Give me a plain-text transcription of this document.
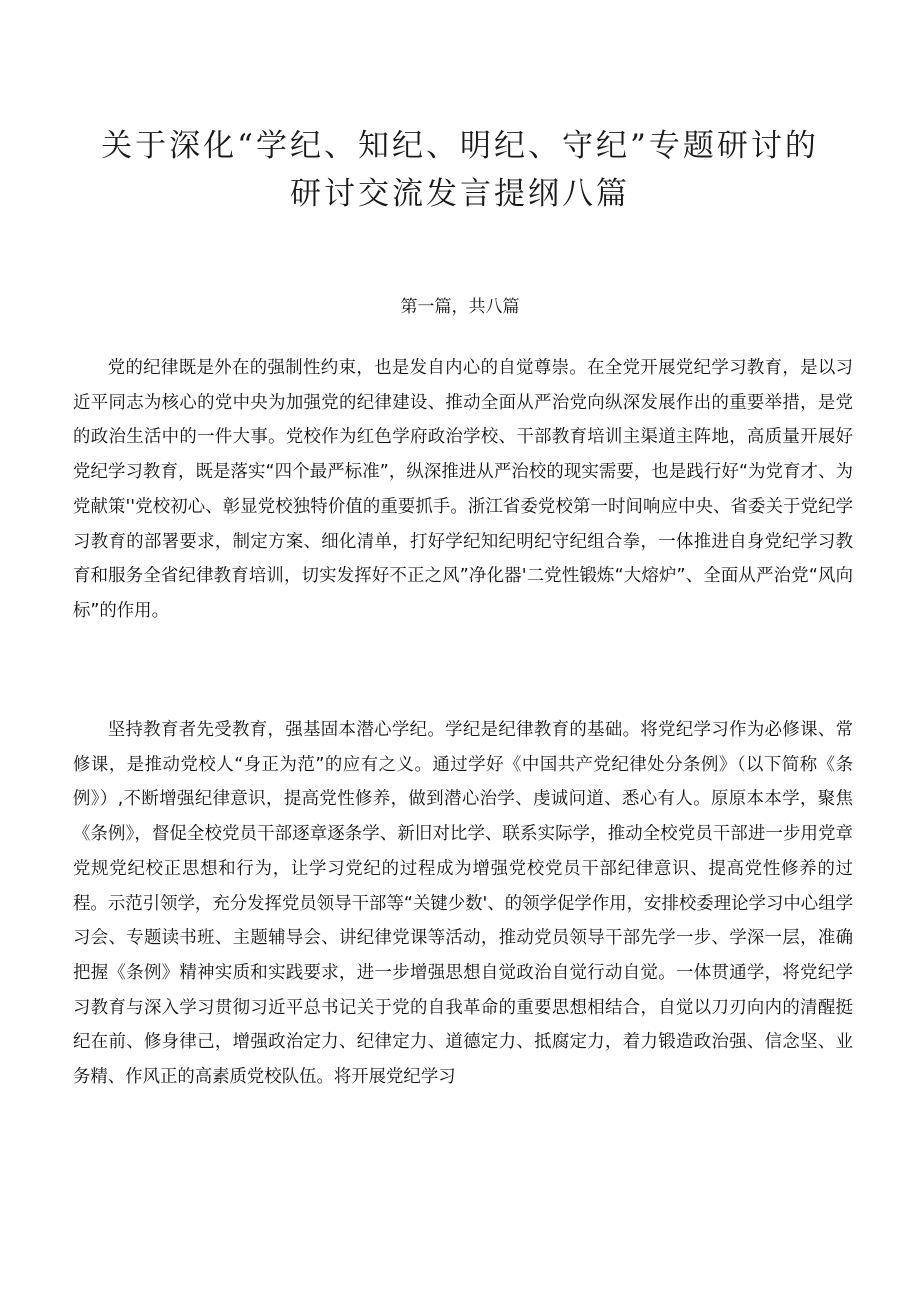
关于深化“学纪、知纪、明纪、守纪”专题研讨的
研讨交流发言提纲八篇
第一篇，共八篇

党的纪律既是外在的强制性约束，也是发自内心的自觉尊崇。在全党开展党纪学习教育，是以习近平同志为核心的党中央为加强党的纪律建设、推动全面从严治党向纵深发展作出的重要举措，是党的政治生活中的一件大事。党校作为红色学府政治学校、干部教育培训主渠道主阵地，高质量开展好党纪学习教育，既是落实“四个最严标准”，纵深推进从严治校的现实需要，也是践行好“为党育才、为党献策''党校初心、彰显党校独特价值的重要抓手。浙江省委党校第一时间响应中央、省委关于党纪学习教育的部署要求，制定方案、细化清单，打好学纪知纪明纪守纪组合拳，一体推进自身党纪学习教育和服务全省纪律教育培训，切实发挥好不正之风”净化器'二党性锻炼“大熔炉”、全面从严治党“风向标”的作用。

坚持教育者先受教育，强基固本潜心学纪。学纪是纪律教育的基础。将党纪学习作为必修课、常修课，是推动党校人“身正为范”的应有之义。通过学好《中国共产党纪律处分条例》（以下简称《条例》）,不断增强纪律意识，提高党性修养，做到潜心治学、虔诚问道、悉心有人。原原本本学，聚焦《条例》，督促全校党员干部逐章逐条学、新旧对比学、联系实际学，推动全校党员干部进一步用党章党规党纪校正思想和行为，让学习党纪的过程成为增强党校党员干部纪律意识、提高党性修养的过程。示范引领学，充分发挥党员领导干部等“关键少数'、的领学促学作用，安排校委理论学习中心组学习会、专题读书班、主题辅导会、讲纪律党课等活动，推动党员领导干部先学一步、学深一层，准确把握《条例》精神实质和实践要求，进一步增强思想自觉政治自觉行动自觉。一体贯通学，将党纪学习教育与深入学习贯彻习近平总书记关于党的自我革命的重要思想相结合，自觉以刀刃向内的清醒挺纪在前、修身律己，增强政治定力、纪律定力、道德定力、抵腐定力，着力锻造政治强、信念坚、业务精、作风正的高素质党校队伍。将开展党纪学习
